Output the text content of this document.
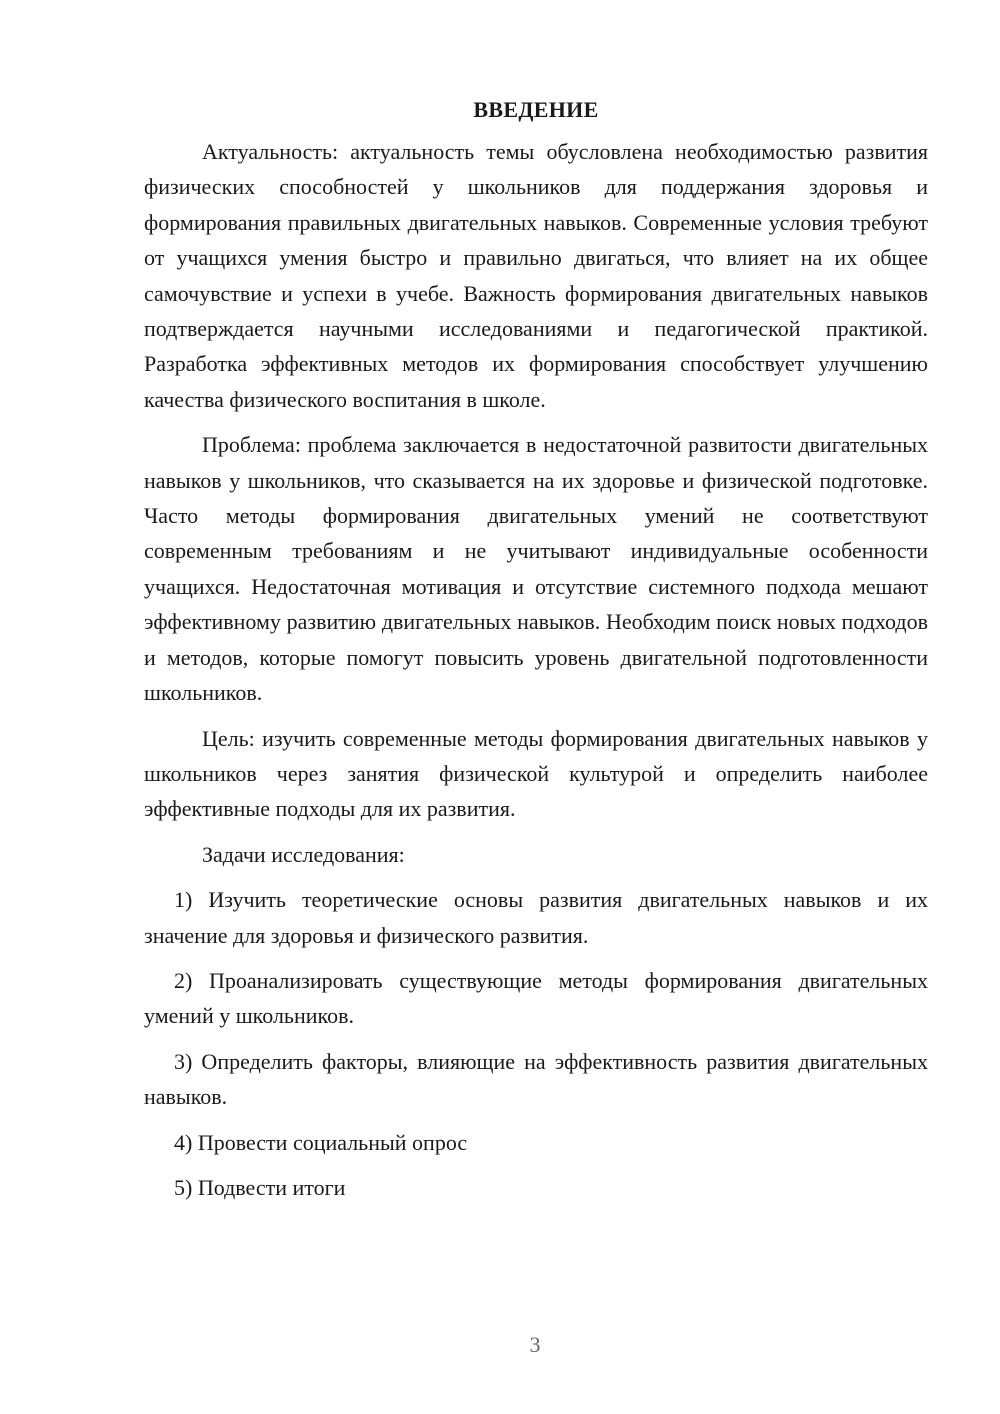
ВВЕДЕНИЕ

Актуальность: актуальность темы обусловлена необходимостью развития физических способностей у школьников для поддержания здоровья и формирования правильных двигательных навыков. Современные условия требуют от учащихся умения быстро и правильно двигаться, что влияет на их общее самочувствие и успехи в учебе. Важность формирования двигательных навыков подтверждается научными исследованиями и педагогической практикой. Разработка эффективных методов их формирования способствует улучшению качества физического воспитания в школе.

Проблема: проблема заключается в недостаточной развитости двигательных навыков у школьников, что сказывается на их здоровье и физической подготовке. Часто методы формирования двигательных умений не соответствуют современным требованиям и не учитывают индивидуальные особенности учащихся. Недостаточная мотивация и отсутствие системного подхода мешают эффективному развитию двигательных навыков. Необходим поиск новых подходов и методов, которые помогут повысить уровень двигательной подготовленности школьников.

Цель: изучить современные методы формирования двигательных навыков у школьников через занятия физической культурой и определить наиболее эффективные подходы для их развития.

Задачи исследования:

1) Изучить теоретические основы развития двигательных навыков и их значение для здоровья и физического развития.

2) Проанализировать существующие методы формирования двигательных умений у школьников.

3) Определить факторы, влияющие на эффективность развития двигательных навыков.

4) Провести социальный опрос

5) Подвести итоги

3
